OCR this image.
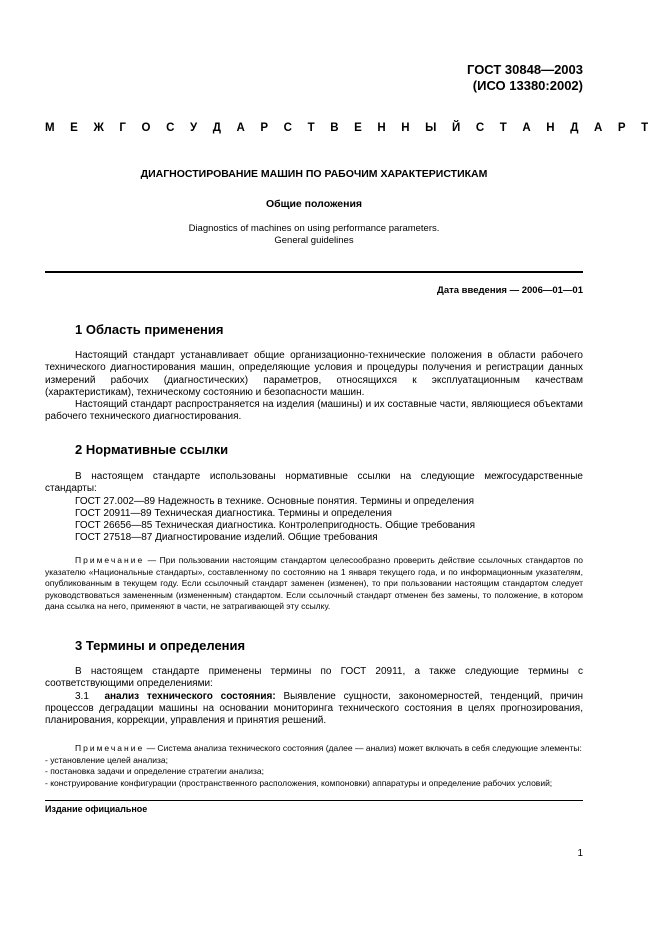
ГОСТ 30848—2003
(ИСО 13380:2002)
М Е Ж Г О С У Д А Р С Т В Е Н Н Ы Й С Т А Н Д А Р Т
ДИАГНОСТИРОВАНИЕ МАШИН ПО РАБОЧИМ ХАРАКТЕРИСТИКАМ
Общие положения
Diagnostics of machines on using performance parameters.
General guidelines
Дата введения — 2006—01—01
1 Область применения

Настоящий стандарт устанавливает общие организационно-технические положения в области рабочего технического диагностирования машин, определяющие условия и процедуры получения и регистрации данных измерений рабочих (диагностических) параметров, относящихся к эксплуатационным качествам (характеристикам), техническому состоянию и безопасности машин.

Настоящий стандарт распространяется на изделия (машины) и их составные части, являющиеся объектами рабочего технического диагностирования.

2 Нормативные ссылки

В настоящем стандарте использованы нормативные ссылки на следующие межгосударственные стандарты:

ГОСТ 27.002—89 Надежность в технике. Основные понятия. Термины и определения

ГОСТ 20911—89 Техническая диагностика. Термины и определения

ГОСТ 26656—85 Техническая диагностика. Контролепригодность. Общие требования

ГОСТ 27518—87 Диагностирование изделий. Общие требования

Примечание — При пользовании настоящим стандартом целесообразно проверить действие ссылочных стандартов по указателю «Национальные стандарты», составленному по состоянию на 1 января текущего года, и по информационным указателям, опубликованным в текущем году. Если ссылочный стандарт заменен (изменен), то при пользовании настоящим стандартом следует руководствоваться замененным (измененным) стандартом. Если ссылочный стандарт отменен без замены, то положение, в котором дана ссылка на него, применяют в части, не затрагивающей эту ссылку.

3 Термины и определения

В настоящем стандарте применены термины по ГОСТ 20911, а также следующие термины с соответствующими определениями:

3.1 анализ технического состояния: Выявление сущности, закономерностей, тенденций, причин процессов деградации машины на основании мониторинга технического состояния в целях прогнозирования, планирования, коррекции, управления и принятия решений.

Примечание — Система анализа технического состояния (далее — анализ) может включать в себя следующие элементы:

- установление целей анализа;

- постановка задачи и определение стратегии анализа;

- конструирование конфигурации (пространственного расположения, компоновки) аппаратуры и определение рабочих условий;

Издание официальное
1
